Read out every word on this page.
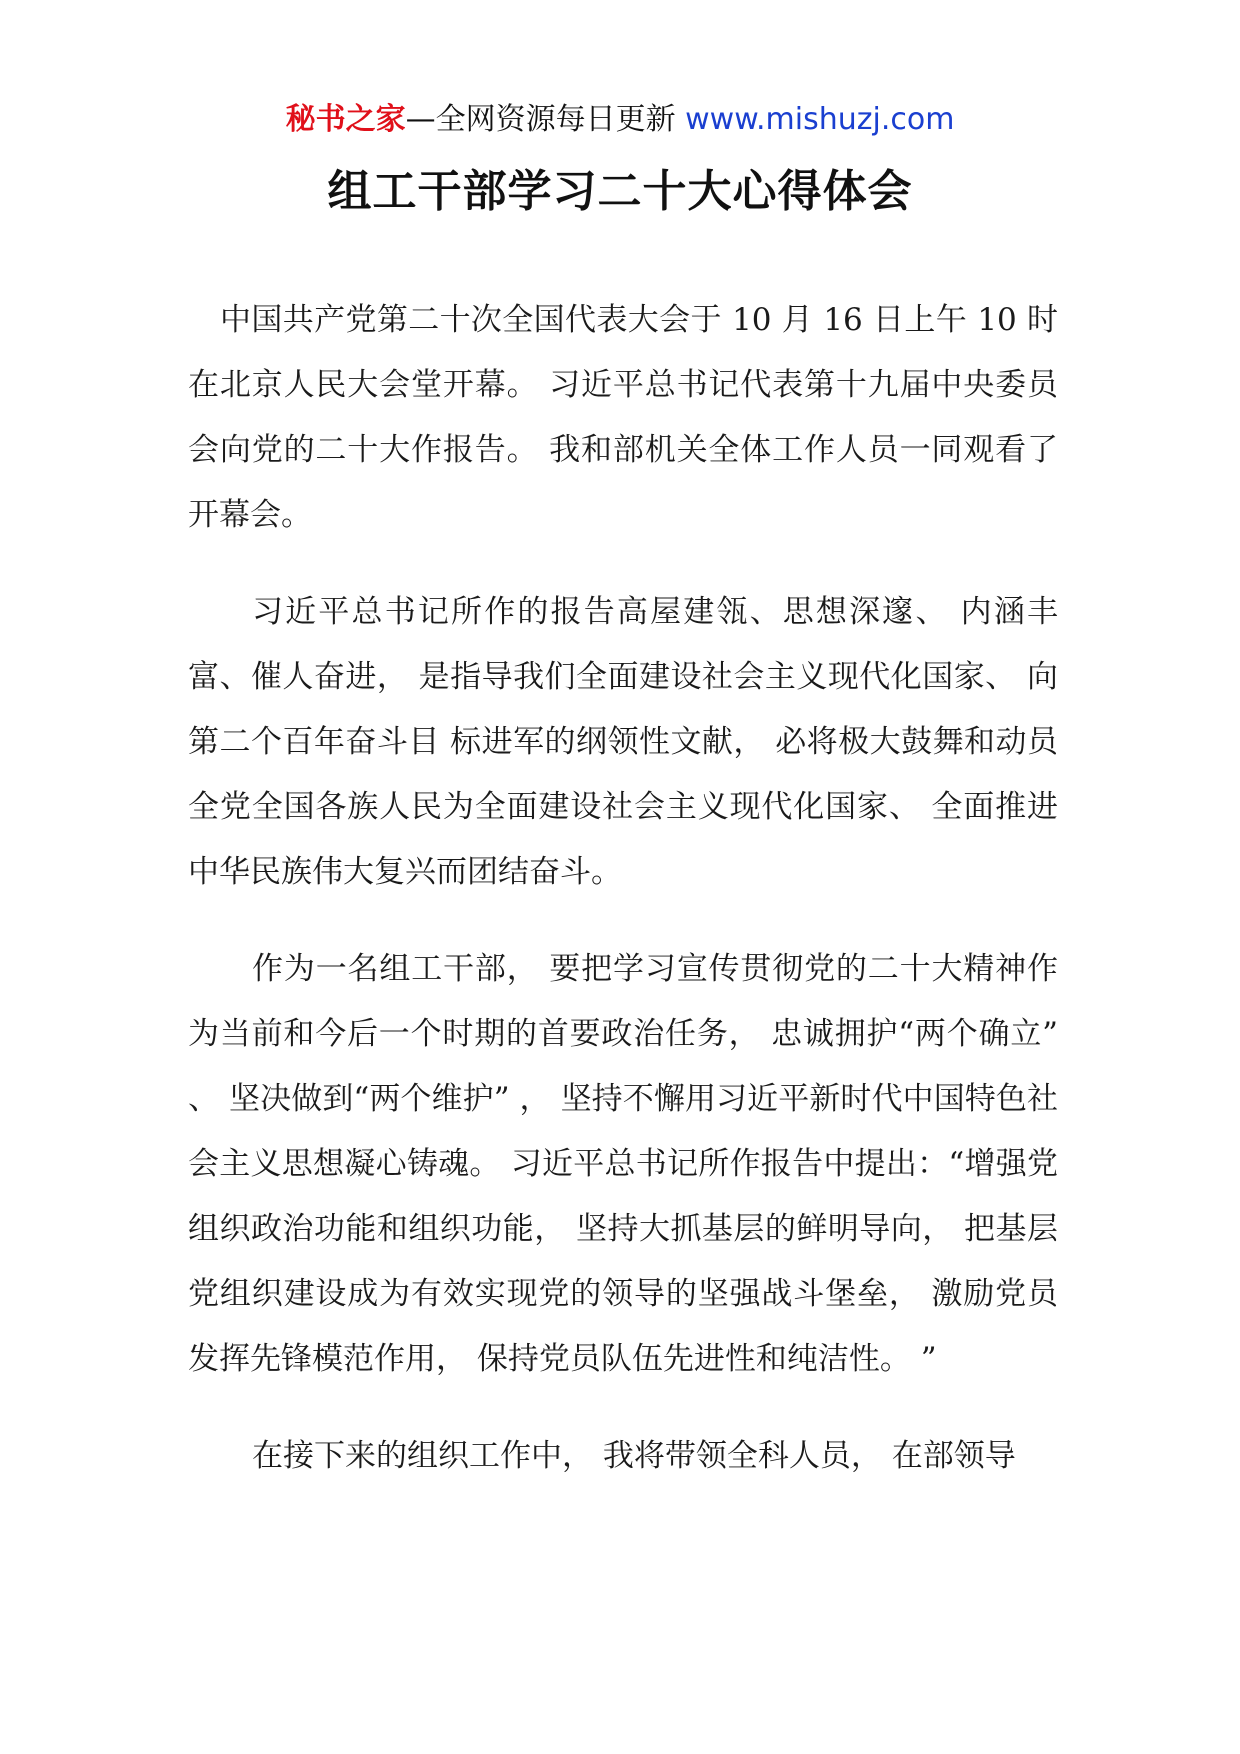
秘书之家—全网资源每日更新 www.mishuzj.com
组工干部学习二十大心得体会

中国共产党第二十次全国代表大会于 10 月 16 日上午 10 时在北京人民大会堂开幕。 习近平总书记代表第十九届中央委员会向党的二十大作报告。 我和部机关全体工作人员一同观看了开幕会。

习近平总书记所作的报告高屋建瓴、思想深邃、 内涵丰富、催人奋进， 是指导我们全面建设社会主义现代化国家、 向第二个百年奋斗目 标进军的纲领性文献， 必将极大鼓舞和动员全党全国各族人民为全面建设社会主义现代化国家、 全面推进中华民族伟大复兴而团结奋斗。

作为一名组工干部， 要把学习宣传贯彻党的二十大精神作为当前和今后一个时期的首要政治任务， 忠诚拥护“两个确立” 、 坚决做到“两个维护” ， 坚持不懈用习近平新时代中国特色社会主义思想凝心铸魂。 习近平总书记所作报告中提出：“增强党组织政治功能和组织功能， 坚持大抓基层的鲜明导向， 把基层党组织建设成为有效实现党的领导的坚强战斗堡垒， 激励党员发挥先锋模范作用， 保持党员队伍先进性和纯洁性。 ”

在接下来的组织工作中， 我将带领全科人员， 在部领导
